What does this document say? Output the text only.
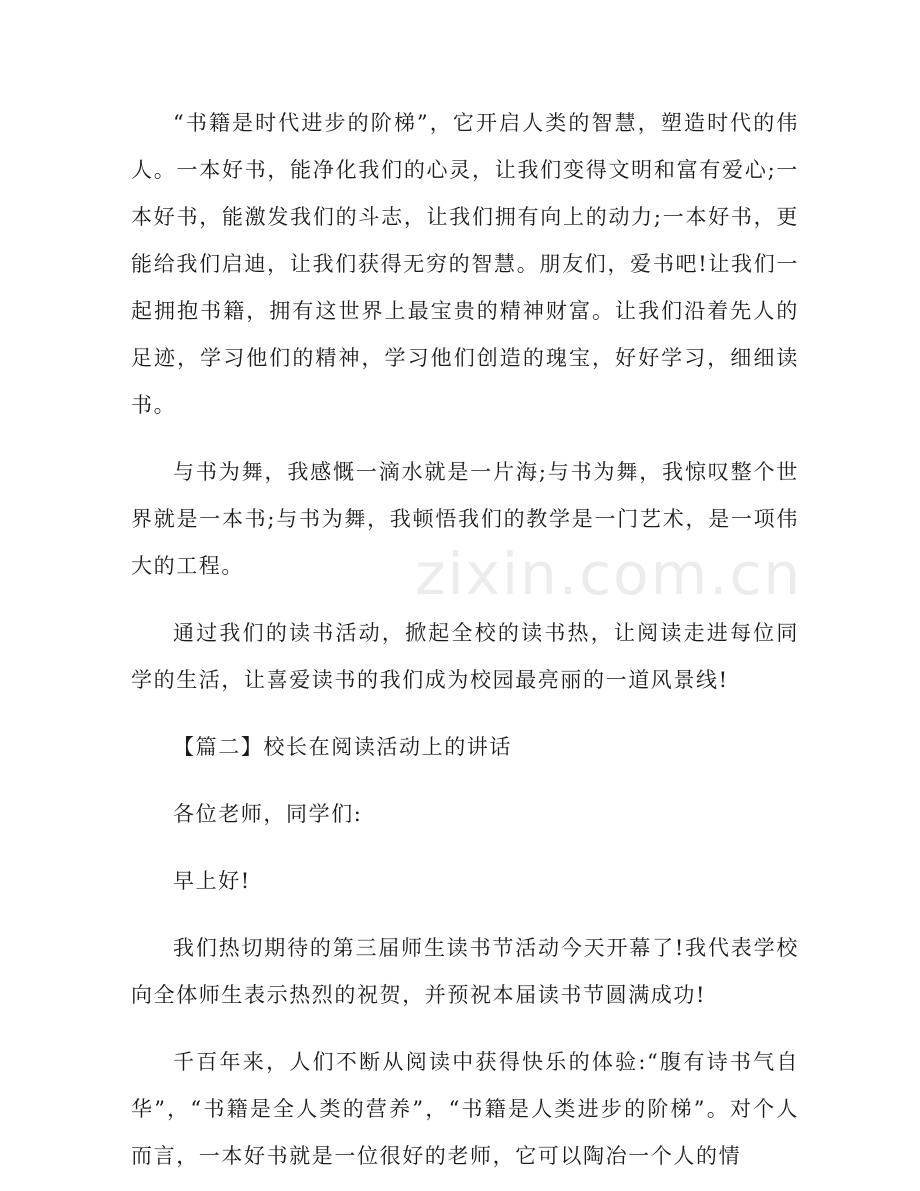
“书籍是时代进步的阶梯”，它开启人类的智慧，塑造时代的伟人。一本好书，能净化我们的心灵，让我们变得文明和富有爱心;一本好书，能激发我们的斗志，让我们拥有向上的动力;一本好书，更能给我们启迪，让我们获得无穷的智慧。朋友们，爱书吧!让我们一起拥抱书籍，拥有这世界上最宝贵的精神财富。让我们沿着先人的足迹，学习他们的精神，学习他们创造的瑰宝，好好学习，细细读书。

与书为舞，我感慨一滴水就是一片海;与书为舞，我惊叹整个世界就是一本书;与书为舞，我顿悟我们的教学是一门艺术，是一项伟大的工程。

通过我们的读书活动，掀起全校的读书热，让阅读走进每位同学的生活，让喜爱读书的我们成为校园最亮丽的一道风景线!

【篇二】校长在阅读活动上的讲话

各位老师，同学们:

早上好!

我们热切期待的第三届师生读书节活动今天开幕了!我代表学校向全体师生表示热烈的祝贺，并预祝本届读书节圆满成功!

千百年来，人们不断从阅读中获得快乐的体验:“腹有诗书气自华”，“书籍是全人类的营养”，“书籍是人类进步的阶梯”。对个人而言，一本好书就是一位很好的老师，它可以陶冶一个人的情

zixin.com.cn
